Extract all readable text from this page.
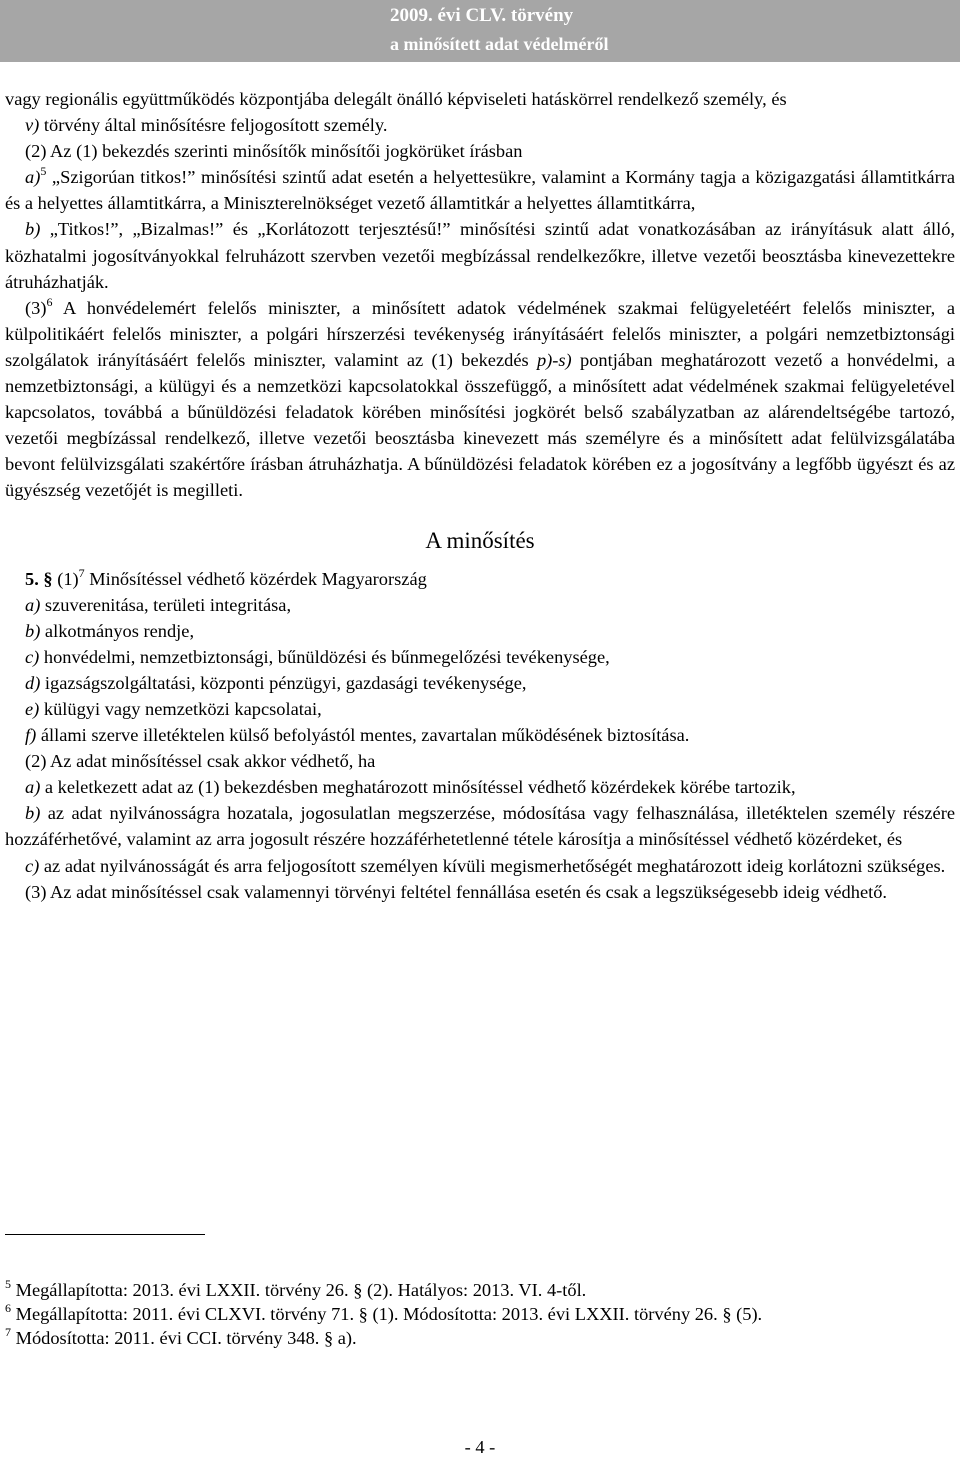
2009. évi CLV. törvény
a minősített adat védelméről

vagy regionális együttműködés központjába delegált önálló képviseleti hatáskörrel rendelkező személy, és

v) törvény által minősítésre feljogosított személy.

(2) Az (1) bekezdés szerinti minősítők minősítői jogkörüket írásban

a)$^5$ „Szigorúan titkos!” minősítési szintű adat esetén a helyettesükre, valamint a Kormány tagja a közigazgatási államtitkárra és a helyettes államtitkárra, a Miniszterelnökséget vezető államtitkár a helyettes államtitkárra,

b) „Titkos!”, „Bizalmas!” és „Korlátozott terjesztésű!” minősítési szintű adat vonatkozásában az irányításuk alatt álló, közhatalmi jogosítványokkal felruházott szervben vezetői megbízással rendelkezőkre, illetve vezetői beosztásba kinevezettekre átruházhatják.

$(3)^6$ A honvédelemért felelős miniszter, a minősített adatok védelmének szakmai felügyeletéért felelős miniszter, a külpolitikáért felelős miniszter, a polgári hírszerzési tevékenység irányításáért felelős miniszter, a polgári nemzetbiztonsági szolgálatok irányításáért felelős miniszter, valamint az (1) bekezdés p)-s) pontjában meghatározott vezető a honvédelmi, a nemzetbiztonsági, a külügyi és a nemzetközi kapcsolatokkal összefüggő, a minősített adat védelmének szakmai felügyeletével kapcsolatos, továbbá a bűnüldözési feladatok körében minősítési jogkörét belső szabályzatban az alárendeltségébe tartozó, vezetői megbízással rendelkező, illetve vezetői beosztásba kinevezett más személyre és a minősített adat felülvizsgálatába bevont felülvizsgálati szakértőre írásban átruházhatja. A bűnüldözési feladatok körében ez a jogosítvány a legfőbb ügyészt és az ügyészség vezetőjét is megilleti.

A minősítés

5. § $(1)^7$ Minősítéssel védhető közérdek Magyarország

a) szuverenitása, területi integritása,

b) alkotmányos rendje,

c) honvédelmi, nemzetbiztonsági, bűnüldözési és bűnmegelőzési tevékenysége,

d) igazságszolgáltatási, központi pénzügyi, gazdasági tevékenysége,

e) külügyi vagy nemzetközi kapcsolatai,

f) állami szerve illetéktelen külső befolyástól mentes, zavartalan működésének biztosítása.

(2) Az adat minősítéssel csak akkor védhető, ha

a) a keletkezett adat az (1) bekezdésben meghatározott minősítéssel védhető közérdekek körébe tartozik,

b) az adat nyilvánosságra hozatala, jogosulatlan megszerzése, módosítása vagy felhasználása, illetéktelen személy részére hozzáférhetővé, valamint az arra jogosult részére hozzáférhetetlenné tétele károsítja a minősítéssel védhető közérdeket, és

c) az adat nyilvánosságát és arra feljogosított személyen kívüli megismerhetőségét meghatározott ideig korlátozni szükséges.

(3) Az adat minősítéssel csak valamennyi törvényi feltétel fennállása esetén és csak a legszükségesebb ideig védhető.

$^5$ Megállapította: 2013. évi LXXII. törvény 26. § (2). Hatályos: 2013. VI. 4-től.

$^6$ Megállapította: 2011. évi CLXVI. törvény 71. § (1). Módosította: 2013. évi LXXII. törvény 26. § (5).

$^7$ Módosította: 2011. évi CCI. törvény 348. § a).

- 4 -
